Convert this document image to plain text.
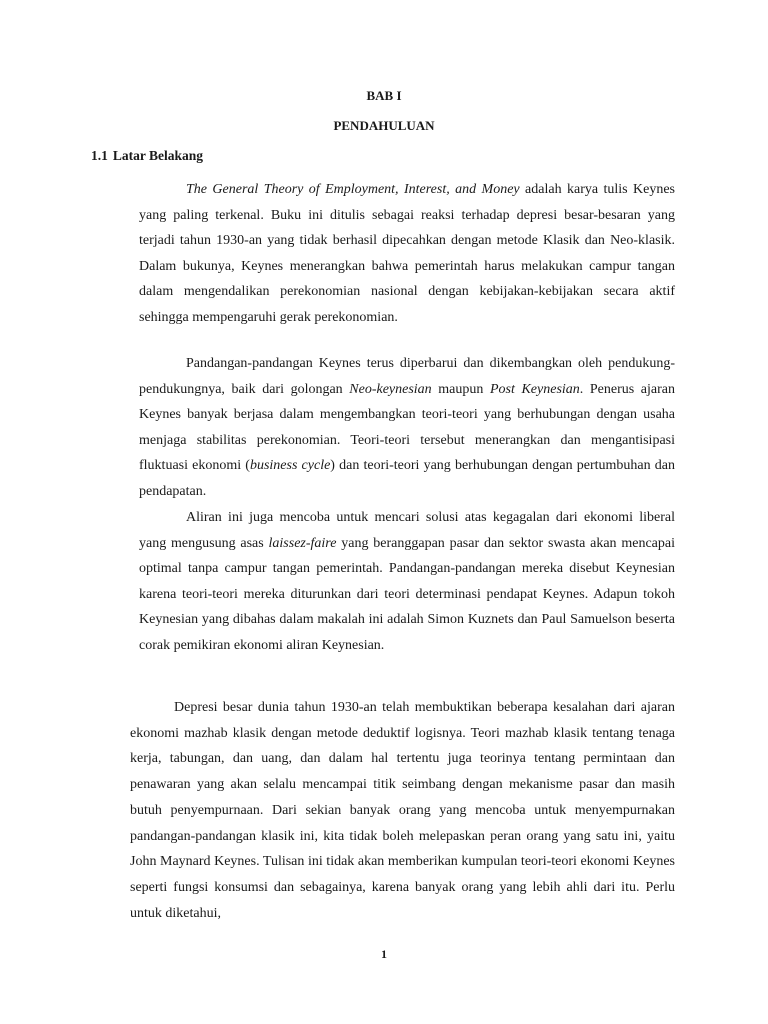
BAB I
PENDAHULUAN
1.1 Latar Belakang

The General Theory of Employment, Interest, and Money adalah karya tulis Keynes yang paling terkenal. Buku ini ditulis sebagai reaksi terhadap depresi besar-besaran yang terjadi tahun 1930-an yang tidak berhasil dipecahkan dengan metode Klasik dan Neo-klasik. Dalam bukunya, Keynes menerangkan bahwa pemerintah harus melakukan campur tangan dalam mengendalikan perekonomian nasional dengan kebijakan-kebijakan secara aktif sehingga mempengaruhi gerak perekonomian.

Pandangan-pandangan Keynes terus diperbarui dan dikembangkan oleh pendukung-pendukungnya, baik dari golongan Neo-keynesian maupun Post Keynesian. Penerus ajaran Keynes banyak berjasa dalam mengembangkan teori-teori yang berhubungan dengan usaha menjaga stabilitas perekonomian. Teori-teori tersebut menerangkan dan mengantisipasi fluktuasi ekonomi (business cycle) dan teori-teori yang berhubungan dengan pertumbuhan dan pendapatan.

Aliran ini juga mencoba untuk mencari solusi atas kegagalan dari ekonomi liberal yang mengusung asas laissez-faire yang beranggapan pasar dan sektor swasta akan mencapai optimal tanpa campur tangan pemerintah. Pandangan-pandangan mereka disebut Keynesian karena teori-teori mereka diturunkan dari teori determinasi pendapat Keynes. Adapun tokoh Keynesian yang dibahas dalam makalah ini adalah Simon Kuznets dan Paul Samuelson beserta corak pemikiran ekonomi aliran Keynesian.

Depresi besar dunia tahun 1930-an telah membuktikan beberapa kesalahan dari ajaran ekonomi mazhab klasik dengan metode deduktif logisnya. Teori mazhab klasik tentang tenaga kerja, tabungan, dan uang, dan dalam hal tertentu juga teorinya tentang permintaan dan penawaran yang akan selalu mencampai titik seimbang dengan mekanisme pasar dan masih butuh penyempurnaan. Dari sekian banyak orang yang mencoba untuk menyempurnakan pandangan-pandangan klasik ini, kita tidak boleh melepaskan peran orang yang satu ini, yaitu John Maynard Keynes. Tulisan ini tidak akan memberikan kumpulan teori-teori ekonomi Keynes seperti fungsi konsumsi dan sebagainya, karena banyak orang yang lebih ahli dari itu. Perlu untuk diketahui,

1
